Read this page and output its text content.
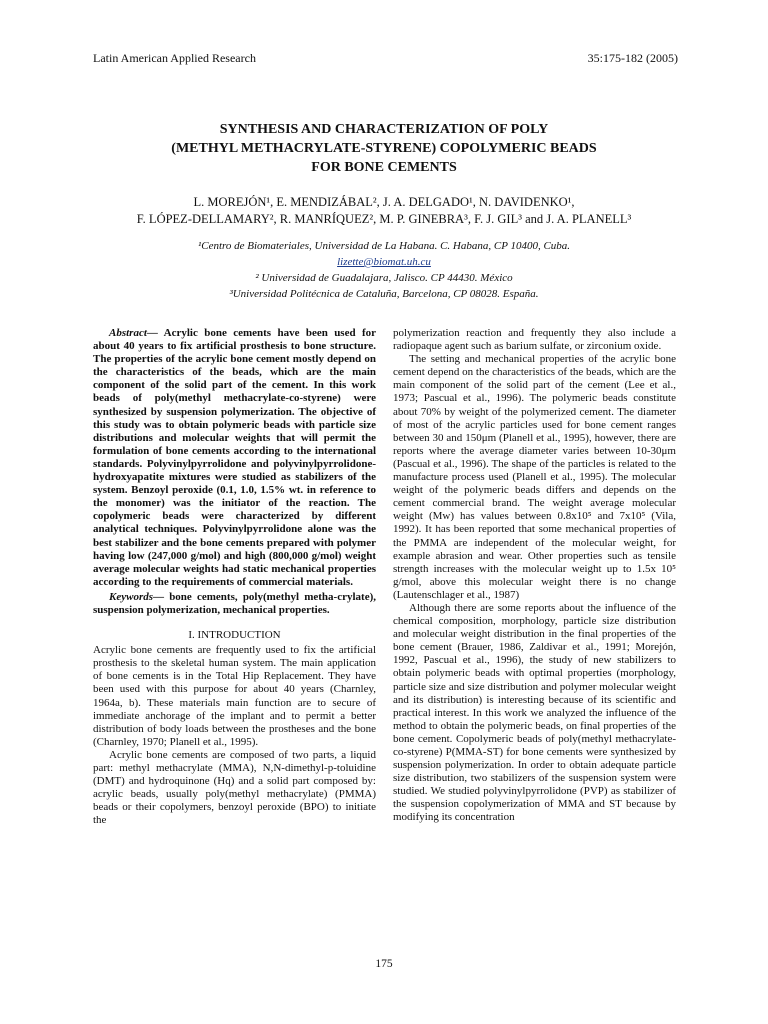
Latin American Applied Research	35:175-182 (2005)
SYNTHESIS AND CHARACTERIZATION OF POLY
(METHYL METHACRYLATE-STYRENE) COPOLYMERIC BEADS
FOR BONE CEMENTS
L. MOREJÓN¹, E. MENDIZÁBAL², J. A. DELGADO¹, N. DAVIDENKO¹,
F. LÓPEZ-DELLAMARY², R. MANRÍQUEZ², M. P. GINEBRA³, F. J. GIL³ and J. A. PLANELL³
¹Centro de Biomateriales, Universidad de La Habana. C. Habana, CP 10400, Cuba.
lizette@biomat.uh.cu
² Universidad de Guadalajara, Jalisco. CP 44430. México
³Universidad Politécnica de Cataluña, Barcelona, CP 08028. España.

Abstract— Acrylic bone cements have been used for about 40 years to fix artificial prosthesis to bone structure. The properties of the acrylic bone cement mostly depend on the characteristics of the beads, which are the main component of the solid part of the cement. In this work beads of poly(methyl methacrylate-co-styrene) were synthesized by suspension polymerization. The objective of this study was to obtain polymeric beads with particle size distributions and molecular weights that will permit the formulation of bone cements according to the international standards. Polyvinylpyrrolidone and polyvinylpyrrolidone-hydroxyapatite mixtures were studied as stabilizers of the system. Benzoyl peroxide (0.1, 1.0, 1.5% wt. in reference to the monomer) was the initiator of the reaction. The copolymeric beads were characterized by different analytical techniques. Polyvinylpyrrolidone alone was the best stabilizer and the bone cements prepared with polymer having low (247,000 g/mol) and high (800,000 g/mol) weight average molecular weights had static mechanical properties according to the requirements of commercial materials.

Keywords— bone cements, poly(methyl metha-crylate), suspension polymerization, mechanical properties.

I. INTRODUCTION

Acrylic bone cements are frequently used to fix the artificial prosthesis to the skeletal human system. The main application of bone cements is in the Total Hip Replacement. They have been used with this purpose for about 40 years (Charnley, 1964a, b). These materials main function are to secure of immediate anchorage of the implant and to permit a better distribution of body loads between the prostheses and the bone (Charnley, 1970; Planell et al., 1995).

Acrylic bone cements are composed of two parts, a liquid part: methyl methacrylate (MMA), N,N-dimethyl-p-toluidine (DMT) and hydroquinone (Hq) and a solid part composed by: acrylic beads, usually poly(methyl methacrylate) (PMMA) beads or their copolymers, benzoyl peroxide (BPO) to initiate the

polymerization reaction and frequently they also include a radiopaque agent such as barium sulfate, or zirconium oxide.

The setting and mechanical properties of the acrylic bone cement depend on the characteristics of the beads, which are the main component of the solid part of the cement (Lee et al., 1973; Pascual et al., 1996). The polymeric beads constitute about 70% by weight of the polymerized cement. The diameter of most of the acrylic particles used for bone cement ranges between 30 and 150μm (Planell et al., 1995), however, there are reports where the average diameter varies between 10-30μm (Pascual et al., 1996). The shape of the particles is related to the manufacture process used (Planell et al., 1995). The molecular weight of the polymeric beads differs and depends on the cement commercial brand. The weight average molecular weight (Mw) has values between 0.8x10⁵ and 7x10⁵ (Vila, 1992). It has been reported that some mechanical properties of the PMMA are independent of the molecular weight, for example abrasion and wear. Other properties such as tensile strength increases with the molecular weight up to 1.5x 10⁵ g/mol, above this molecular weight there is no change (Lautenschlager et al., 1987)

Although there are some reports about the influence of the chemical composition, morphology, particle size distribution and molecular weight distribution in the final properties of the bone cement (Brauer, 1986, Zaldivar et al., 1991; Morejón, 1992, Pascual et al., 1996), the study of new stabilizers to obtain polymeric beads with optimal properties (morphology, particle size and size distribution and polymer molecular weight and its distribution) is interesting because of its scientific and practical interest. In this work we analyzed the influence of the method to obtain the polymeric beads, on final properties of the bone cement. Copolymeric beads of poly(methyl methacrylate-co-styrene) P(MMA-ST) for bone cements were synthesized by suspension polymerization. In order to obtain adequate particle size distribution, two stabilizers of the suspension system were studied. We studied polyvinylpyrrolidone (PVP) as stabilizer of the suspension copolymerization of MMA and ST because by modifying its concentration

175
